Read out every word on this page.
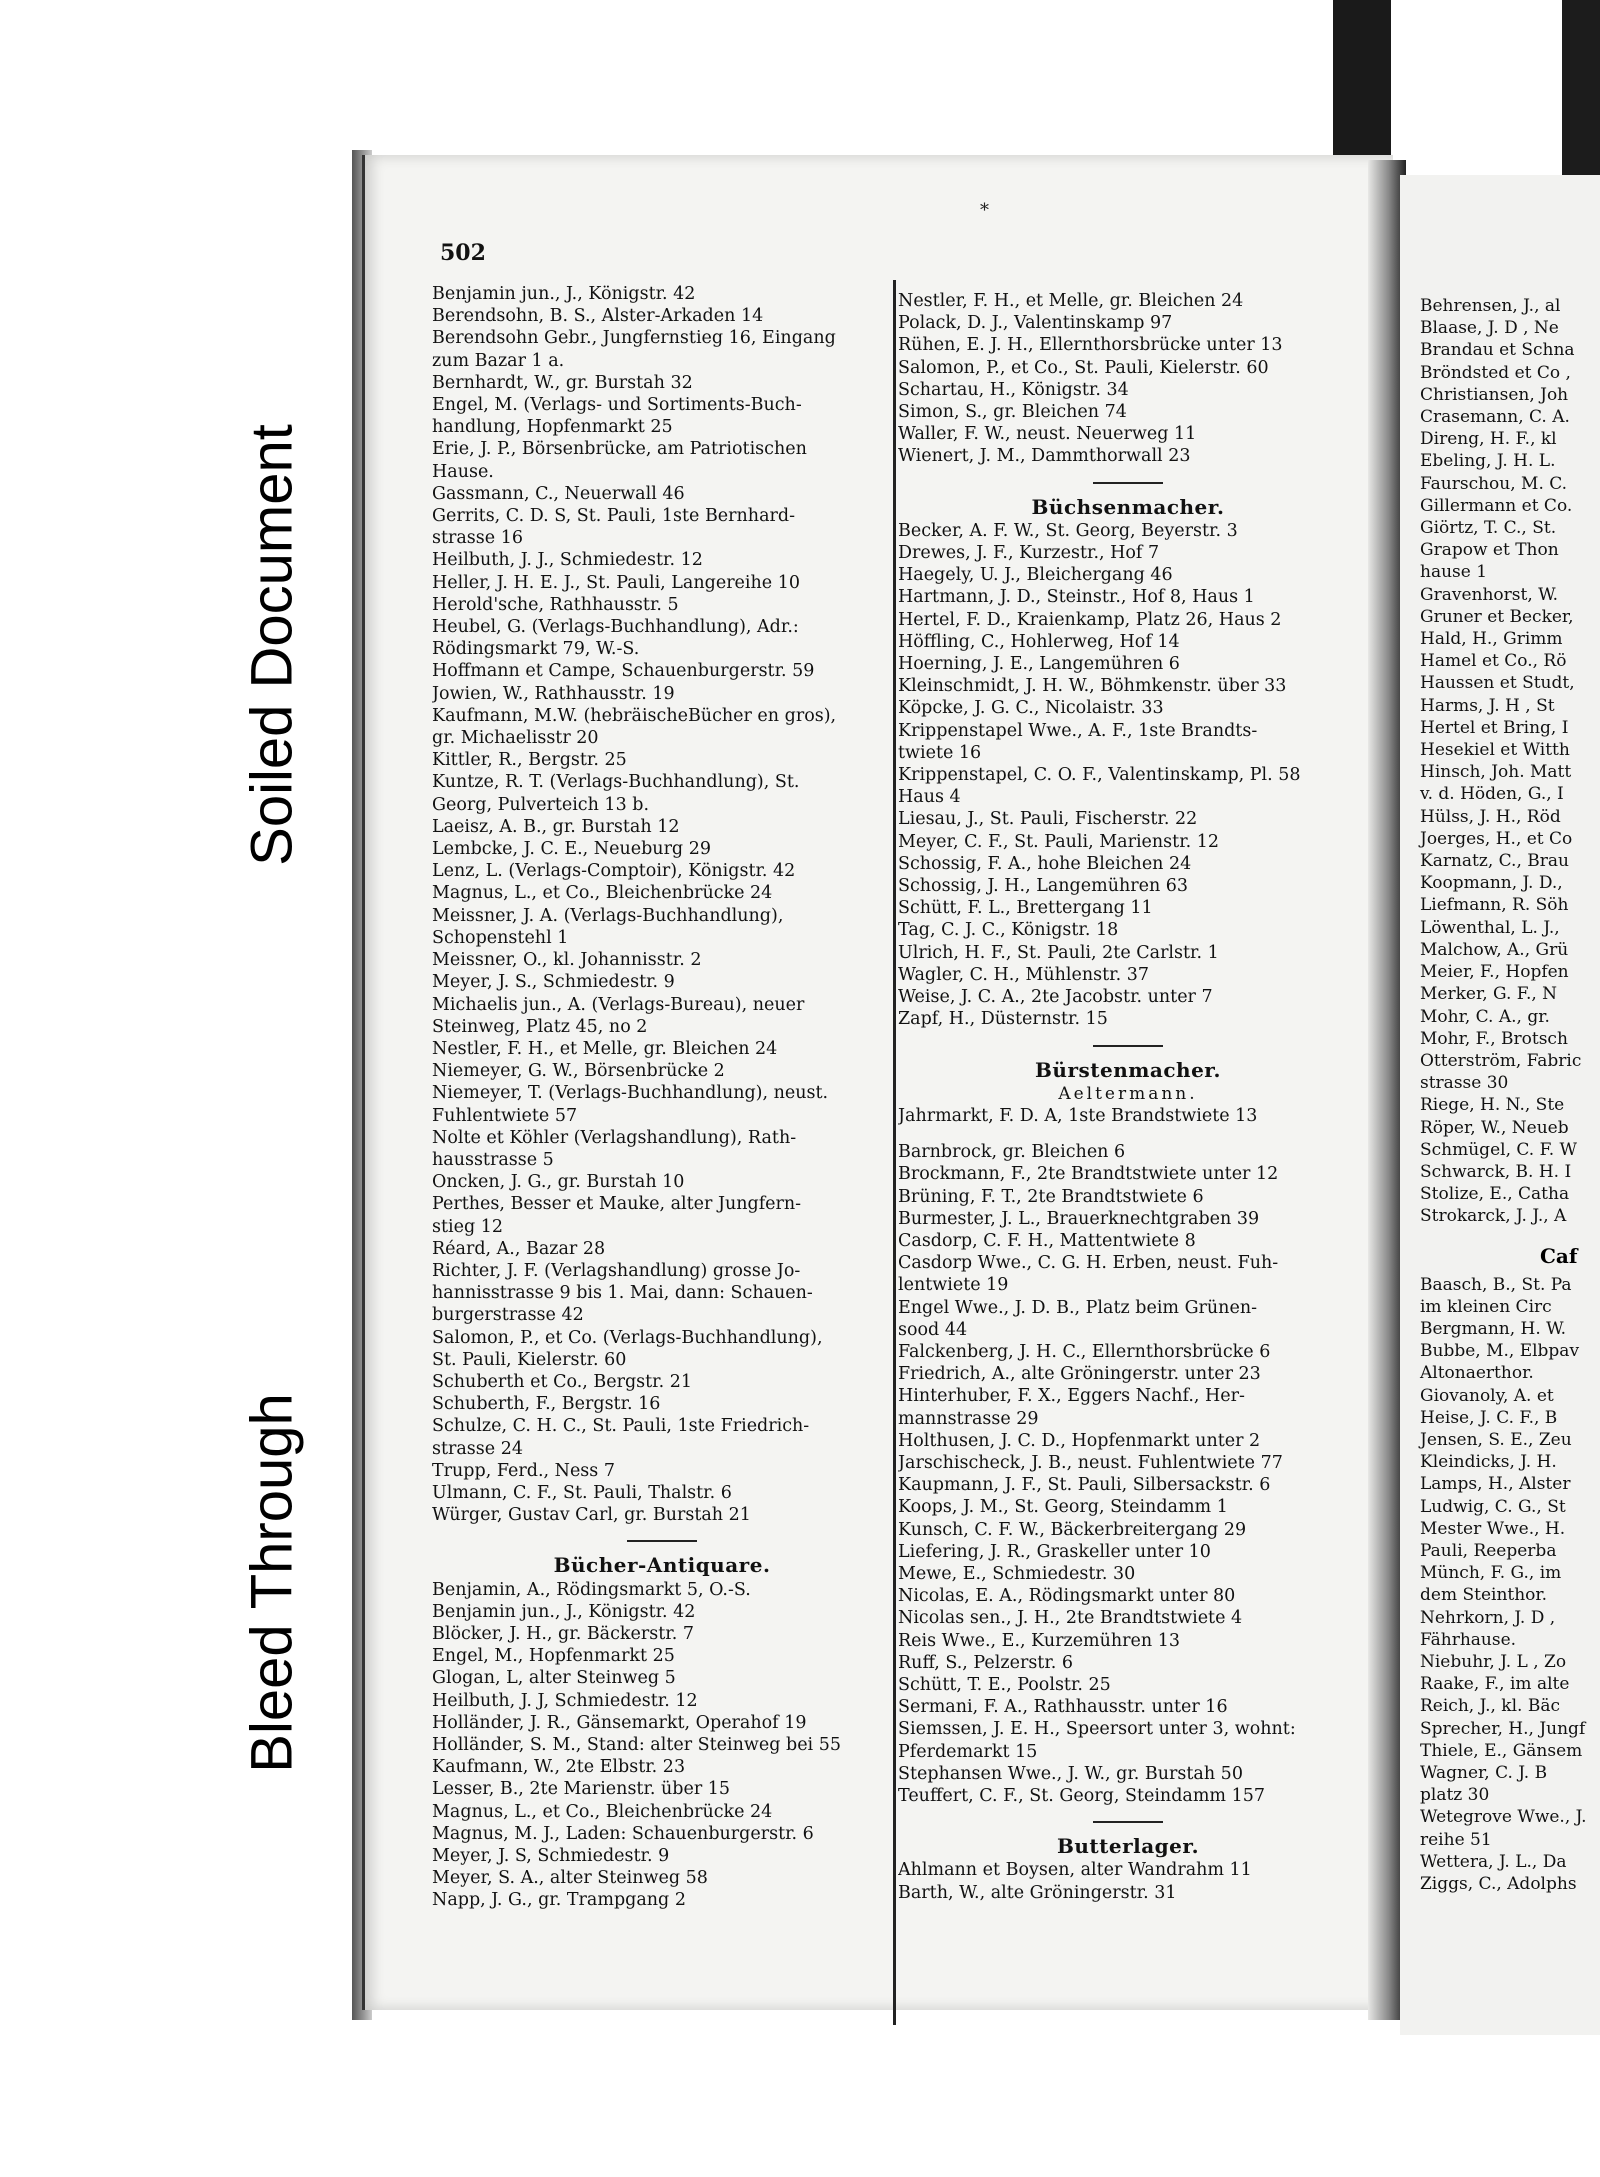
502
*
Benjamin jun., J., Königstr. 42
Berendsohn, B. S., Alster-Arkaden 14
Berendsohn Gebr., Jungfernstieg 16, Eingang
zum Bazar 1 a.
Bernhardt, W., gr. Burstah 32
Engel, M. (Verlags- und Sortiments-Buch-
handlung, Hopfenmarkt 25
Erie, J. P., Börsenbrücke, am Patriotischen
Hause.
Gassmann, C., Neuerwall 46
Gerrits, C. D. S, St. Pauli, 1ste Bernhard-
strasse 16
Heilbuth, J. J., Schmiedestr. 12
Heller, J. H. E. J., St. Pauli, Langereihe 10
Herold'sche, Rathhausstr. 5
Heubel, G. (Verlags-Buchhandlung), Adr.:
Rödingsmarkt 79, W.-S.
Hoffmann et Campe, Schauenburgerstr. 59
Jowien, W., Rathhausstr. 19
Kaufmann, M.W. (hebräischeBücher en gros),
gr. Michaelisstr 20
Kittler, R., Bergstr. 25
Kuntze, R. T. (Verlags-Buchhandlung), St.
Georg, Pulverteich 13 b.
Laeisz, A. B., gr. Burstah 12
Lembcke, J. C. E., Neueburg 29
Lenz, L. (Verlags-Comptoir), Königstr. 42
Magnus, L., et Co., Bleichenbrücke 24
Meissner, J. A. (Verlags-Buchhandlung),
Schopenstehl 1
Meissner, O., kl. Johannisstr. 2
Meyer, J. S., Schmiedestr. 9
Michaelis jun., A. (Verlags-Bureau), neuer
Steinweg, Platz 45, no 2
Nestler, F. H., et Melle, gr. Bleichen 24
Niemeyer, G. W., Börsenbrücke 2
Niemeyer, T. (Verlags-Buchhandlung), neust.
Fuhlentwiete 57
Nolte et Köhler (Verlagshandlung), Rath-
hausstrasse 5
Oncken, J. G., gr. Burstah 10
Perthes, Besser et Mauke, alter Jungfern-
stieg 12
Réard, A., Bazar 28
Richter, J. F. (Verlagshandlung) grosse Jo-
hannisstrasse 9 bis 1. Mai, dann: Schauen-
burgerstrasse 42
Salomon, P., et Co. (Verlags-Buchhandlung),
St. Pauli, Kielerstr. 60
Schuberth et Co., Bergstr. 21
Schuberth, F., Bergstr. 16
Schulze, C. H. C., St. Pauli, 1ste Friedrich-
strasse 24
Trupp, Ferd., Ness 7
Ulmann, C. F., St. Pauli, Thalstr. 6
Würger, Gustav Carl, gr. Burstah 21
Bücher-Antiquare.
Benjamin, A., Rödingsmarkt 5, O.-S.
Benjamin jun., J., Königstr. 42
Blöcker, J. H., gr. Bäckerstr. 7
Engel, M., Hopfenmarkt 25
Glogan, L, alter Steinweg 5
Heilbuth, J. J, Schmiedestr. 12
Holländer, J. R., Gänsemarkt, Operahof 19
Holländer, S. M., Stand: alter Steinweg bei 55
Kaufmann, W., 2te Elbstr. 23
Lesser, B., 2te Marienstr. über 15
Magnus, L., et Co., Bleichenbrücke 24
Magnus, M. J., Laden: Schauenburgerstr. 6
Meyer, J. S, Schmiedestr. 9
Meyer, S. A., alter Steinweg 58
Napp, J. G., gr. Trampgang 2
Nestler, F. H., et Melle, gr. Bleichen 24
Polack, D. J., Valentinskamp 97
Rühen, E. J. H., Ellernthorsbrücke unter 13
Salomon, P., et Co., St. Pauli, Kielerstr. 60
Schartau, H., Königstr. 34
Simon, S., gr. Bleichen 74
Waller, F. W., neust. Neuerweg 11
Wienert, J. M., Dammthorwall 23
Büchsenmacher.
Becker, A. F. W., St. Georg, Beyerstr. 3
Drewes, J. F., Kurzestr., Hof 7
Haegely, U. J., Bleichergang 46
Hartmann, J. D., Steinstr., Hof 8, Haus 1
Hertel, F. D., Kraienkamp, Platz 26, Haus 2
Höffling, C., Hohlerweg, Hof 14
Hoerning, J. E., Langemühren 6
Kleinschmidt, J. H. W., Böhmkenstr. über 33
Köpcke, J. G. C., Nicolaistr. 33
Krippenstapel Wwe., A. F., 1ste Brandts-
twiete 16
Krippenstapel, C. O. F., Valentinskamp, Pl. 58
Haus 4
Liesau, J., St. Pauli, Fischerstr. 22
Meyer, C. F., St. Pauli, Marienstr. 12
Schossig, F. A., hohe Bleichen 24
Schossig, J. H., Langemühren 63
Schütt, F. L., Brettergang 11
Tag, C. J. C., Königstr. 18
Ulrich, H. F., St. Pauli, 2te Carlstr. 1
Wagler, C. H., Mühlenstr. 37
Weise, J. C. A., 2te Jacobstr. unter 7
Zapf, H., Düsternstr. 15
Bürstenmacher.
Aeltermann.
Jahrmarkt, F. D. A, 1ste Brandstwiete 13
Barnbrock, gr. Bleichen 6
Brockmann, F., 2te Brandtstwiete unter 12
Brüning, F. T., 2te Brandtstwiete 6
Burmester, J. L., Brauerknechtgraben 39
Casdorp, C. F. H., Mattentwiete 8
Casdorp Wwe., C. G. H. Erben, neust. Fuh-
lentwiete 19
Engel Wwe., J. D. B., Platz beim Grünen-
sood 44
Falckenberg, J. H. C., Ellernthorsbrücke 6
Friedrich, A., alte Gröningerstr. unter 23
Hinterhuber, F. X., Eggers Nachf., Her-
mannstrasse 29
Holthusen, J. C. D., Hopfenmarkt unter 2
Jarschischeck, J. B., neust. Fuhlentwiete 77
Kaupmann, J. F., St. Pauli, Silbersackstr. 6
Koops, J. M., St. Georg, Steindamm 1
Kunsch, C. F. W., Bäckerbreitergang 29
Liefering, J. R., Graskeller unter 10
Mewe, E., Schmiedestr. 30
Nicolas, E. A., Rödingsmarkt unter 80
Nicolas sen., J. H., 2te Brandtstwiete 4
Reis Wwe., E., Kurzemühren 13
Ruff, S., Pelzerstr. 6
Schütt, T. E., Poolstr. 25
Sermani, F. A., Rathhausstr. unter 16
Siemssen, J. E. H., Speersort unter 3, wohnt:
Pferdemarkt 15
Stephansen Wwe., J. W., gr. Burstah 50
Teuffert, C. F., St. Georg, Steindamm 157
Butterlager.
Ahlmann et Boysen, alter Wandrahm 11
Barth, W., alte Gröningerstr. 31
Behrensen, J., al
Blaase, J. D , Ne
Brandau et Schna
Bröndsted et Co ,
Christiansen, Joh
Crasemann, C. A.
Direng, H. F., kl
Ebeling, J. H. L.
Faurschou, M. C.
Gillermann et Co.
Giörtz, T. C., St.
Grapow et Thon
hause 1
Gravenhorst, W.
Gruner et Becker,
Hald, H., Grimm
Hamel et Co., Rö
Haussen et Studt,
Harms, J. H , St
Hertel et Bring, I
Hesekiel et Witth
Hinsch, Joh. Matt
v. d. Höden, G., I
Hülss, J. H., Röd
Joerges, H., et Co
Karnatz, C., Brau
Koopmann, J. D.,
Liefmann, R. Söh
Löwenthal, L. J.,
Malchow, A., Grü
Meier, F., Hopfen
Merker, G. F., N
Mohr, C. A., gr.
Mohr, F., Brotsch
Otterström, Fabric
strasse 30
Riege, H. N., Ste
Röper, W., Neueb
Schmügel, C. F. W
Schwarck, B. H. I
Stolize, E., Catha
Strokarck, J. J., A
Caf
Baasch, B., St. Pa
im kleinen Circ
Bergmann, H. W.
Bubbe, M., Elbpav
Altonaerthor.
Giovanoly, A. et
Heise, J. C. F., B
Jensen, S. E., Zeu
Kleindicks, J. H.
Lamps, H., Alster
Ludwig, C. G., St
Mester Wwe., H.
Pauli, Reeperba
Münch, F. G., im
dem Steinthor.
Nehrkorn, J. D ,
Fährhause.
Niebuhr, J. L , Zo
Raake, F., im alte
Reich, J., kl. Bäc
Sprecher, H., Jungf
Thiele, E., Gänsem
Wagner, C. J. B
platz 30
Wetegrove Wwe., J.
reihe 51
Wettera, J. L., Da
Ziggs, C., Adolphs
Soiled Document
Bleed Through
